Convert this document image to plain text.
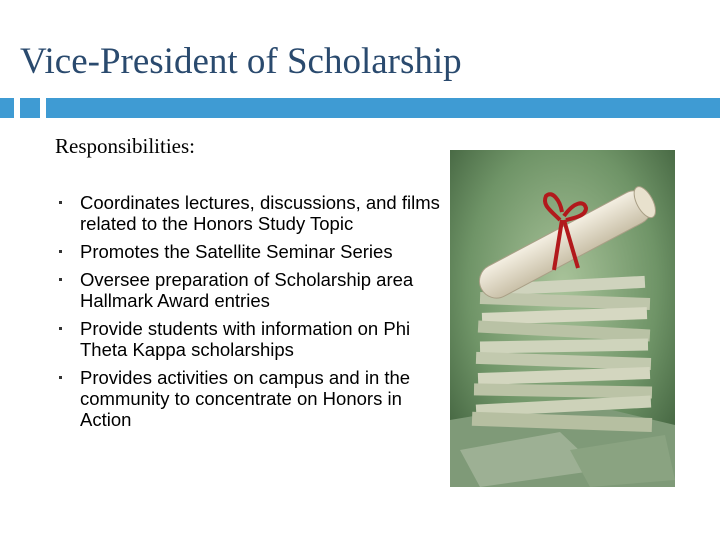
Vice-President of Scholarship
Responsibilities:
Coordinates lectures, discussions, and films related to the Honors Study Topic
Promotes the Satellite Seminar Series
Oversee preparation of Scholarship area Hallmark Award entries
Provide students with information on Phi Theta Kappa scholarships
Provides activities on campus and in the community to concentrate on Honors in Action
